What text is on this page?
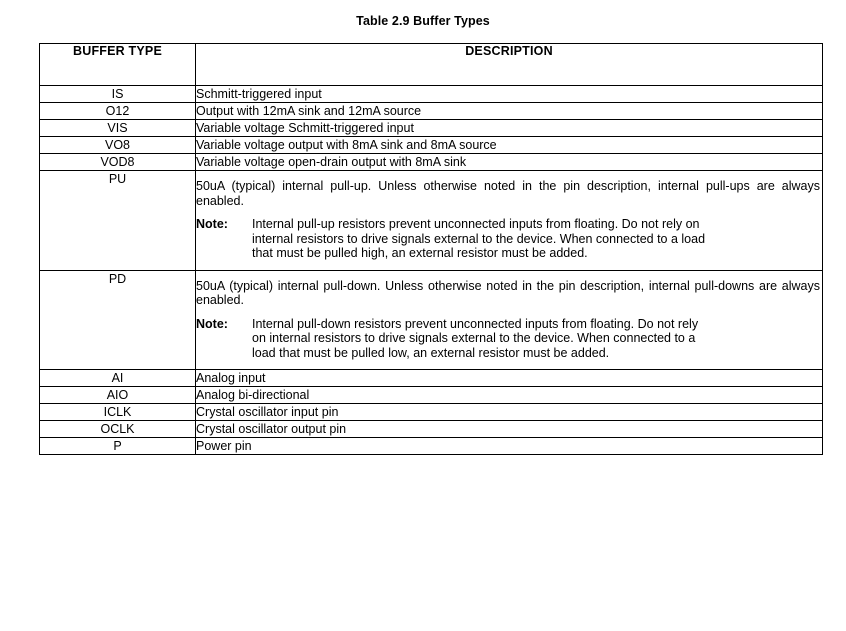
Table 2.9 Buffer Types
BUFFER TYPE	DESCRIPTION
IS	Schmitt-triggered input
O12	Output with 12mA sink and 12mA source
VIS	Variable voltage Schmitt-triggered input
VO8	Variable voltage output with 8mA sink and 8mA source
VOD8	Variable voltage open-drain output with 8mA sink
PU	50uA (typical) internal pull-up. Unless otherwise noted in the pin description, internal pull-ups are always enabled.

Note: Internal pull-up resistors prevent unconnected inputs from floating. Do not rely on
internal resistors to drive signals external to the device. When connected to a load
that must be pulled high, an external resistor must be added.

PD	50uA (typical) internal pull-down. Unless otherwise noted in the pin description, internal pull-downs are always enabled.

Note: Internal pull-down resistors prevent unconnected inputs from floating. Do not rely
on internal resistors to drive signals external to the device. When connected to a
load that must be pulled low, an external resistor must be added.

AI	Analog input
AIO	Analog bi-directional
ICLK	Crystal oscillator input pin
OCLK	Crystal oscillator output pin
P	Power pin
